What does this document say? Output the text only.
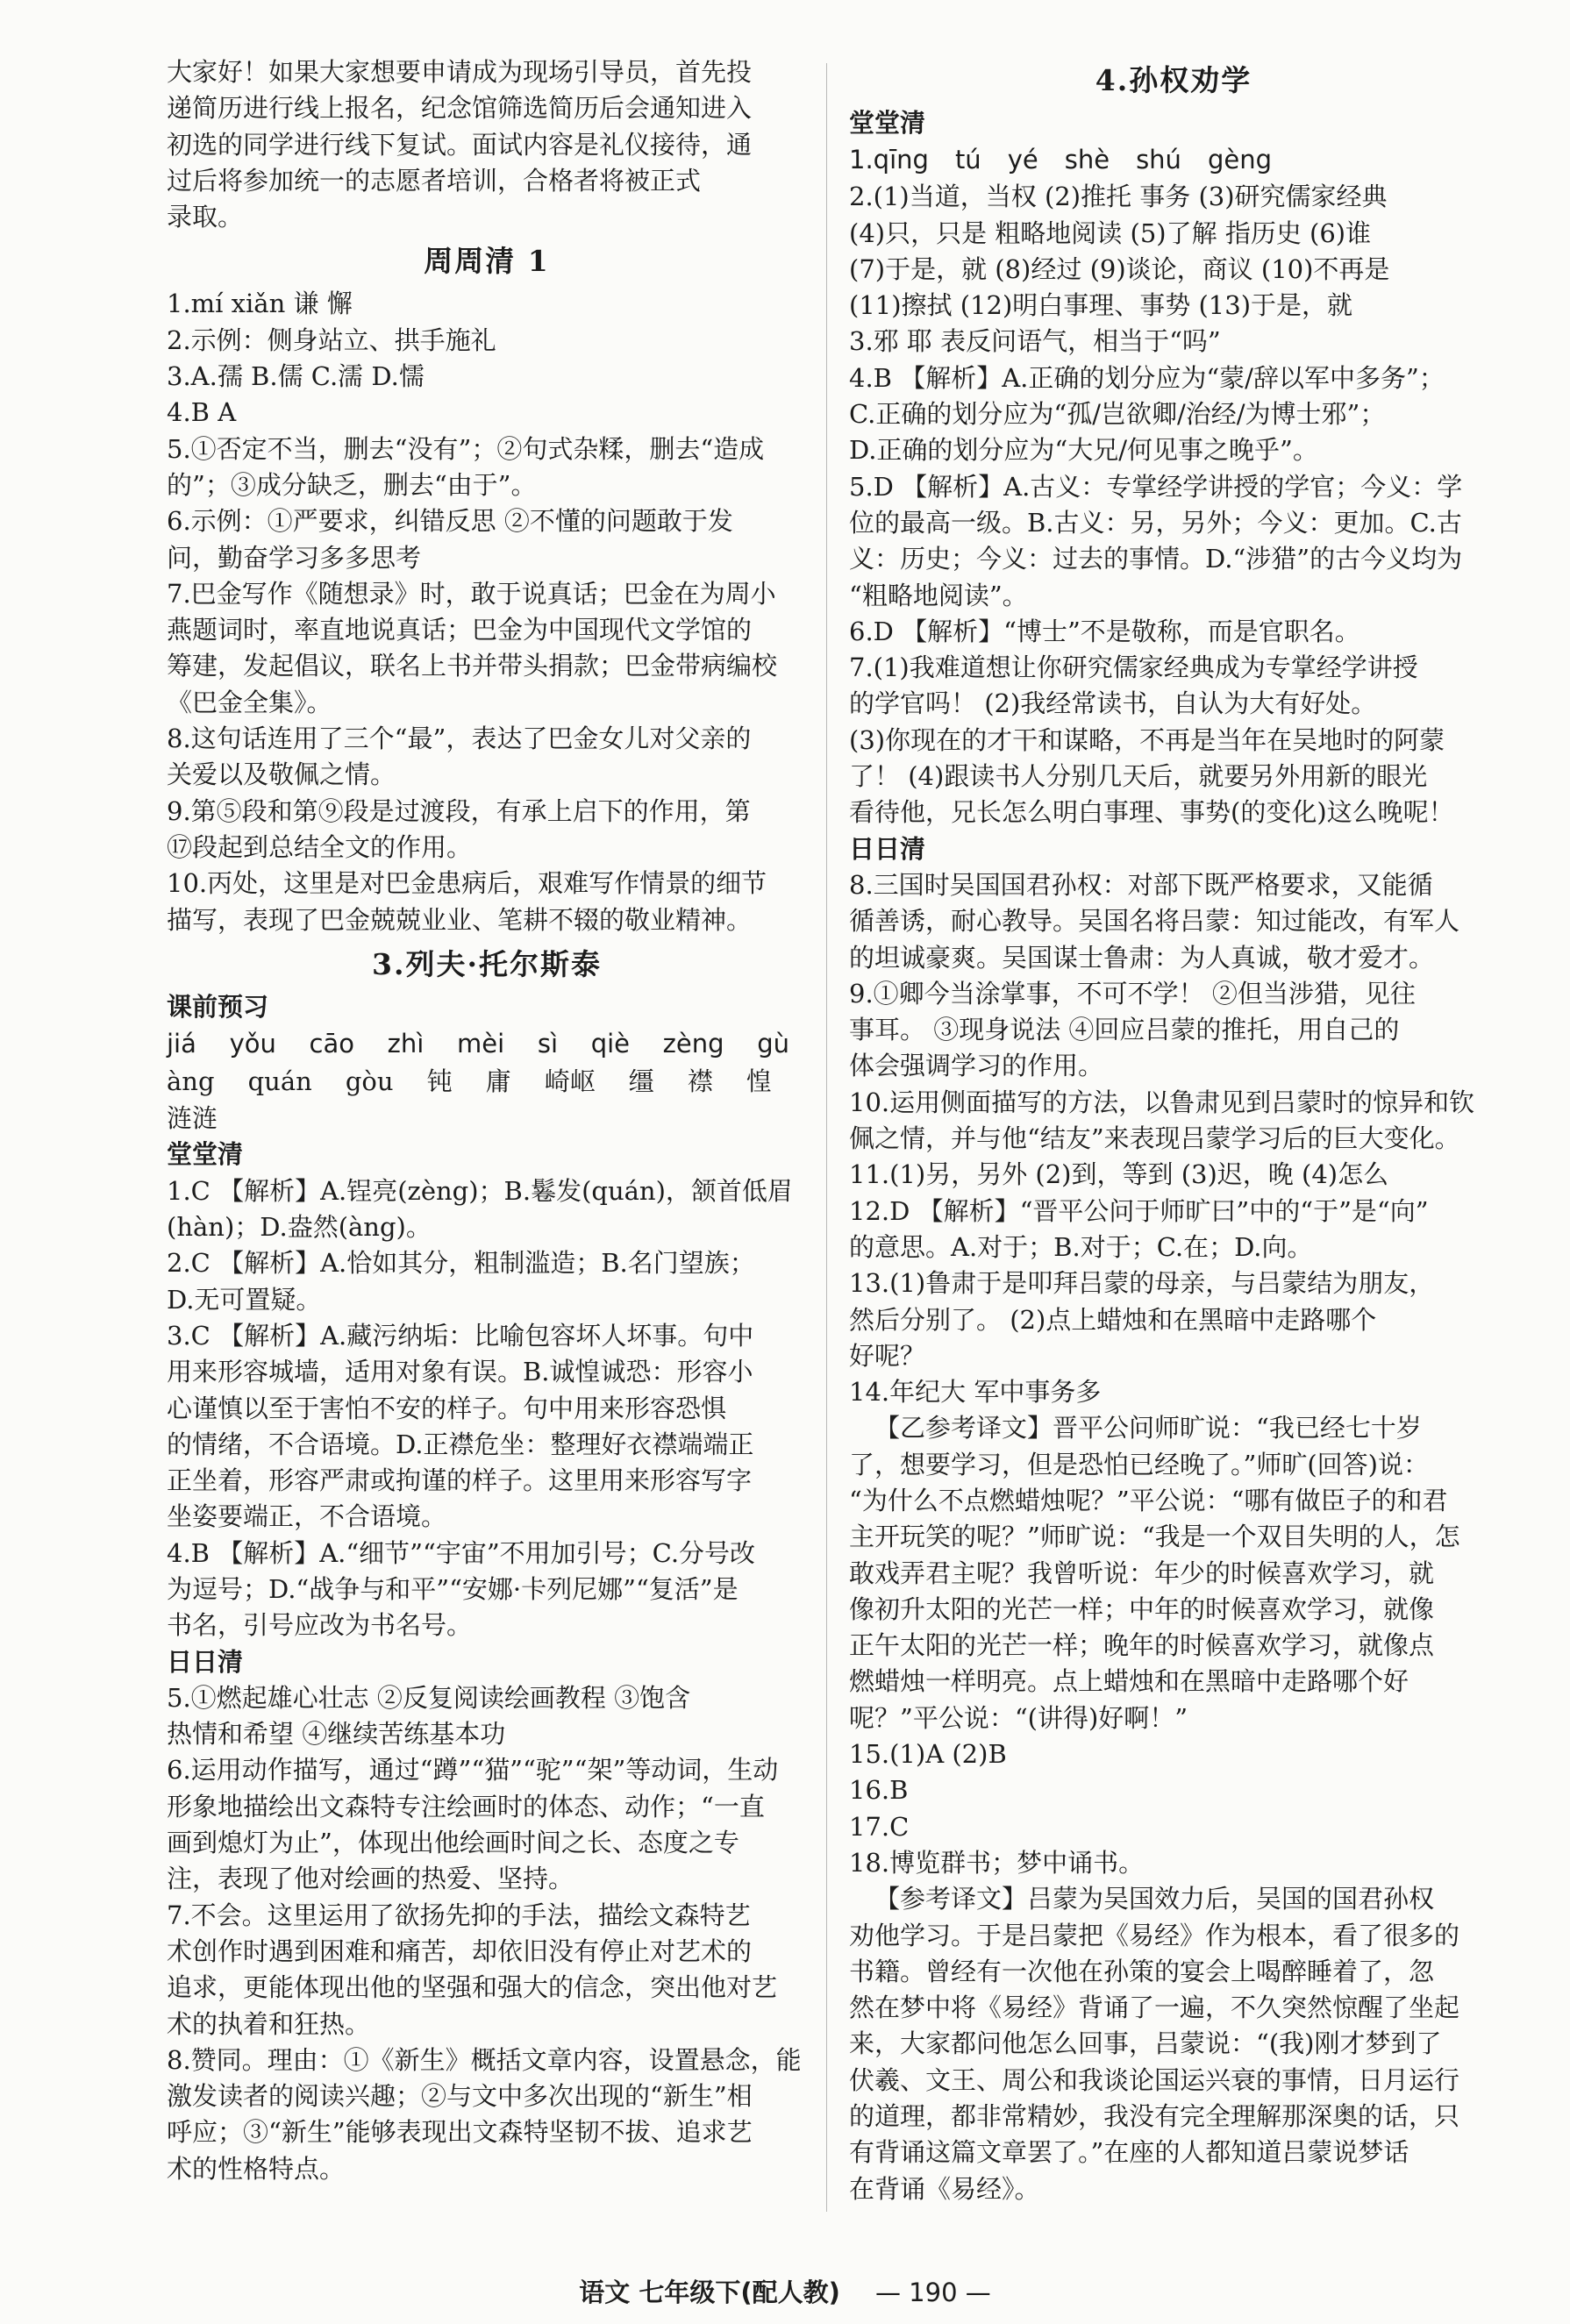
大家好！如果大家想要申请成为现场引导员，首先投
递简历进行线上报名，纪念馆筛选简历后会通知进入
初选的同学进行线下复试。面试内容是礼仪接待，通
过后将参加统一的志愿者培训，合格者将被正式
录取。
周周清 1
1.mí xiǎn 谦 懈
2.示例：侧身站立、拱手施礼
3.A.孺 B.儒 C.濡 D.懦
4.B A
5.①否定不当，删去“没有”；②句式杂糅，删去“造成
的”；③成分缺乏，删去“由于”。
6.示例：①严要求，纠错反思 ②不懂的问题敢于发
问，勤奋学习多多思考
7.巴金写作《随想录》时，敢于说真话；巴金在为周小
燕题词时，率直地说真话；巴金为中国现代文学馆的
筹建，发起倡议，联名上书并带头捐款；巴金带病编校
《巴金全集》。
8.这句话连用了三个“最”，表达了巴金女儿对父亲的
关爱以及敬佩之情。
9.第⑤段和第⑨段是过渡段，有承上启下的作用，第
⑰段起到总结全文的作用。
10.丙处，这里是对巴金患病后，艰难写作情景的细节
描写，表现了巴金兢兢业业、笔耕不辍的敬业精神。
3.列夫·托尔斯泰
课前预习
jiá yǒu cāo zhì mèi sì qiè zèng gù
àng quán gòu 钝 庸 崎岖 缰 襟 惶
涟涟
堂堂清
1.C 【解析】A.锃亮(zèng)；B.鬈发(quán)，颔首低眉
(hàn)；D.盎然(àng)。
2.C 【解析】A.恰如其分，粗制滥造；B.名门望族；
D.无可置疑。
3.C 【解析】A.藏污纳垢：比喻包容坏人坏事。句中
用来形容城墙，适用对象有误。B.诚惶诚恐：形容小
心谨慎以至于害怕不安的样子。句中用来形容恐惧
的情绪，不合语境。D.正襟危坐：整理好衣襟端端正
正坐着，形容严肃或拘谨的样子。这里用来形容写字
坐姿要端正，不合语境。
4.B 【解析】A.“细节”“宇宙”不用加引号；C.分号改
为逗号；D.“战争与和平”“安娜·卡列尼娜”“复活”是
书名，引号应改为书名号。
日日清
5.①燃起雄心壮志 ②反复阅读绘画教程 ③饱含
热情和希望 ④继续苦练基本功
6.运用动作描写，通过“蹲”“猫”“驼”“架”等动词，生动
形象地描绘出文森特专注绘画时的体态、动作；“一直
画到熄灯为止”，体现出他绘画时间之长、态度之专
注，表现了他对绘画的热爱、坚持。
7.不会。这里运用了欲扬先抑的手法，描绘文森特艺
术创作时遇到困难和痛苦，却依旧没有停止对艺术的
追求，更能体现出他的坚强和强大的信念，突出他对艺
术的执着和狂热。
8.赞同。理由：①《新生》概括文章内容，设置悬念，能
激发读者的阅读兴趣；②与文中多次出现的“新生”相
呼应；③“新生”能够表现出文森特坚韧不拔、追求艺
术的性格特点。
4.孙权劝学
堂堂清
1.qīng tú yé shè shú gèng
2.(1)当道，当权 (2)推托 事务 (3)研究儒家经典
(4)只，只是 粗略地阅读 (5)了解 指历史 (6)谁
(7)于是，就 (8)经过 (9)谈论，商议 (10)不再是
(11)擦拭 (12)明白事理、事势 (13)于是，就
3.邪 耶 表反问语气，相当于“吗”
4.B 【解析】A.正确的划分应为“蒙/辞以军中多务”；
C.正确的划分应为“孤/岂欲卿/治经/为博士邪”；
D.正确的划分应为“大兄/何见事之晚乎”。
5.D 【解析】A.古义：专掌经学讲授的学官；今义：学
位的最高一级。B.古义：另，另外；今义：更加。C.古
义：历史；今义：过去的事情。D.“涉猎”的古今义均为
“粗略地阅读”。
6.D 【解析】“博士”不是敬称，而是官职名。
7.(1)我难道想让你研究儒家经典成为专掌经学讲授
的学官吗！ (2)我经常读书，自认为大有好处。
(3)你现在的才干和谋略，不再是当年在吴地时的阿蒙
了！ (4)跟读书人分别几天后，就要另外用新的眼光
看待他，兄长怎么明白事理、事势(的变化)这么晚呢！
日日清
8.三国时吴国国君孙权：对部下既严格要求，又能循
循善诱，耐心教导。吴国名将吕蒙：知过能改，有军人
的坦诚豪爽。吴国谋士鲁肃：为人真诚，敬才爱才。
9.①卿今当涂掌事，不可不学！ ②但当涉猎，见往
事耳。 ③现身说法 ④回应吕蒙的推托，用自己的
体会强调学习的作用。
10.运用侧面描写的方法，以鲁肃见到吕蒙时的惊异和钦
佩之情，并与他“结友”来表现吕蒙学习后的巨大变化。
11.(1)另，另外 (2)到，等到 (3)迟，晚 (4)怎么
12.D 【解析】“晋平公问于师旷曰”中的“于”是“向”
的意思。A.对于；B.对于；C.在；D.向。
13.(1)鲁肃于是叩拜吕蒙的母亲，与吕蒙结为朋友，
然后分别了。 (2)点上蜡烛和在黑暗中走路哪个
好呢？
14.年纪大 军中事务多
【乙参考译文】晋平公问师旷说：“我已经七十岁
了，想要学习，但是恐怕已经晚了。”师旷(回答)说：
“为什么不点燃蜡烛呢？”平公说：“哪有做臣子的和君
主开玩笑的呢？”师旷说：“我是一个双目失明的人，怎
敢戏弄君主呢？我曾听说：年少的时候喜欢学习，就
像初升太阳的光芒一样；中年的时候喜欢学习，就像
正午太阳的光芒一样；晚年的时候喜欢学习，就像点
燃蜡烛一样明亮。点上蜡烛和在黑暗中走路哪个好
呢？”平公说：“(讲得)好啊！”
15.(1)A (2)B
16.B
17.C
18.博览群书；梦中诵书。
【参考译文】吕蒙为吴国效力后，吴国的国君孙权
劝他学习。于是吕蒙把《易经》作为根本，看了很多的
书籍。曾经有一次他在孙策的宴会上喝醉睡着了，忽
然在梦中将《易经》背诵了一遍，不久突然惊醒了坐起
来，大家都问他怎么回事，吕蒙说：“(我)刚才梦到了
伏羲、文王、周公和我谈论国运兴衰的事情，日月运行
的道理，都非常精妙，我没有完全理解那深奥的话，只
有背诵这篇文章罢了。”在座的人都知道吕蒙说梦话
在背诵《易经》。
语文 七年级下(配人教) — 190 —
